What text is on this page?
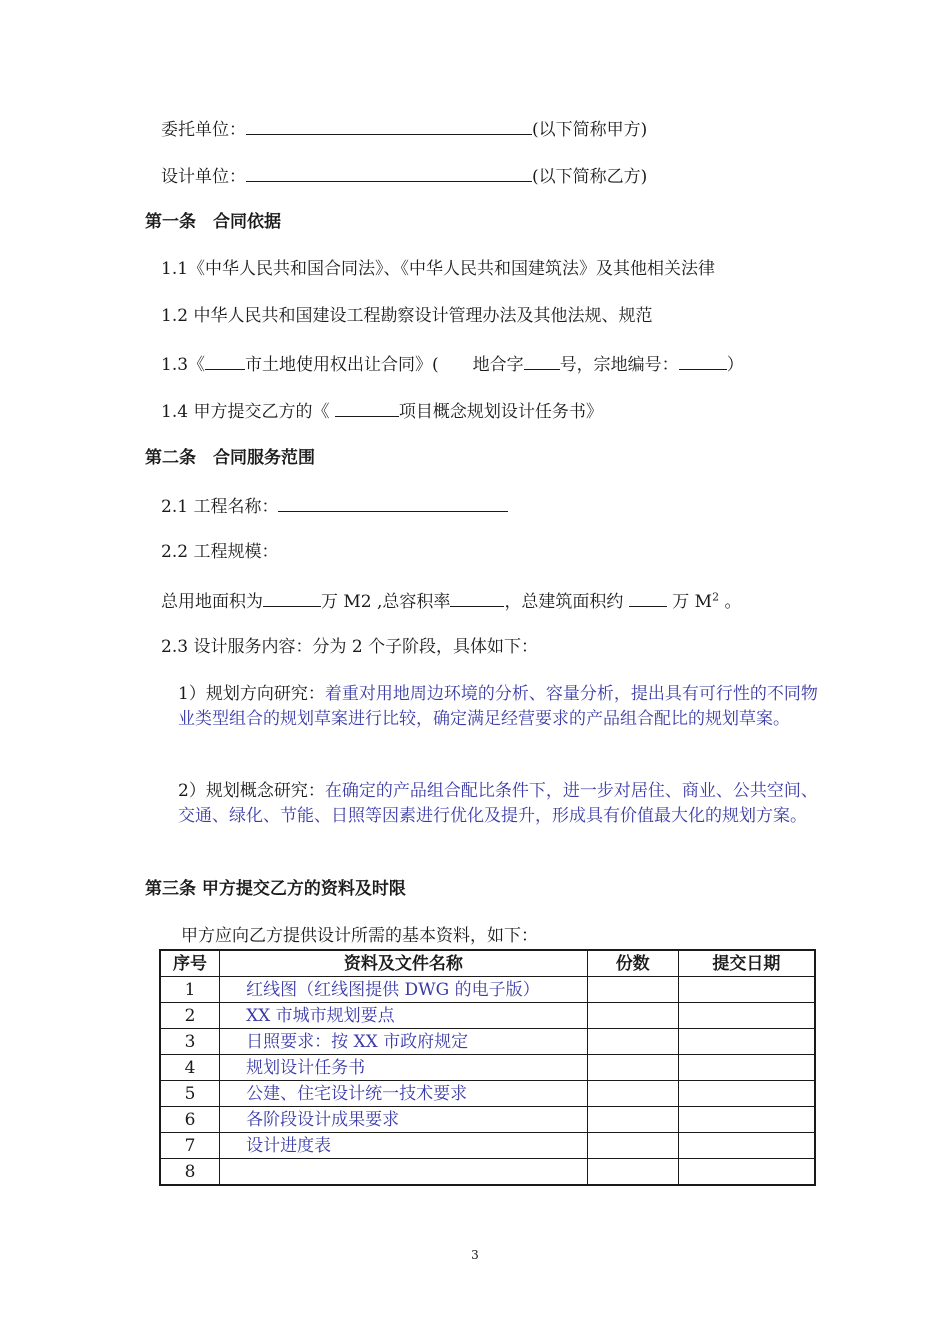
委托单位：	(以下简称甲方)
设计单位：	(以下简称乙方)
第一条　合同依据
1.1《中华人民共和国合同法》、《中华人民共和国建筑法》及其他相关法律
1.2 中华人民共和国建设工程勘察设计管理办法及其他法规、规范
1.3《 市土地使用权出让合同》(　　地合字 号，宗地编号：	）
1.4 甲方提交乙方的《	项目概念规划设计任务书》
第二条　合同服务范围
2.1 工程名称：
2.2 工程规模：
总用地面积为	万 M2 ,总容积率	，总建筑面积约  万 $M^2$ 。
2.3 设计服务内容：分为 2 个子阶段，具体如下：
1）规划方向研究：着重对用地周边环境的分析、容量分析，提出具有可行性的不同物业类型组合的规划草案进行比较，确定满足经营要求的产品组合配比的规划草案。
2）规划概念研究：在确定的产品组合配比条件下，进一步对居住、商业、公共空间、交通、绿化、节能、日照等因素进行优化及提升，形成具有价值最大化的规划方案。
第三条 甲方提交乙方的资料及时限
甲方应向乙方提供设计所需的基本资料，如下：
序号	资料及文件名称	份数	提交日期
1	红线图（红线图提供 DWG 的电子版）		
2	XX 市城市规划要点		
3	日照要求：按 XX 市政府规定		
4	规划设计任务书		
5	公建、住宅设计统一技术要求		
6	各阶段设计成果要求		
7	设计进度表		
8			
3
